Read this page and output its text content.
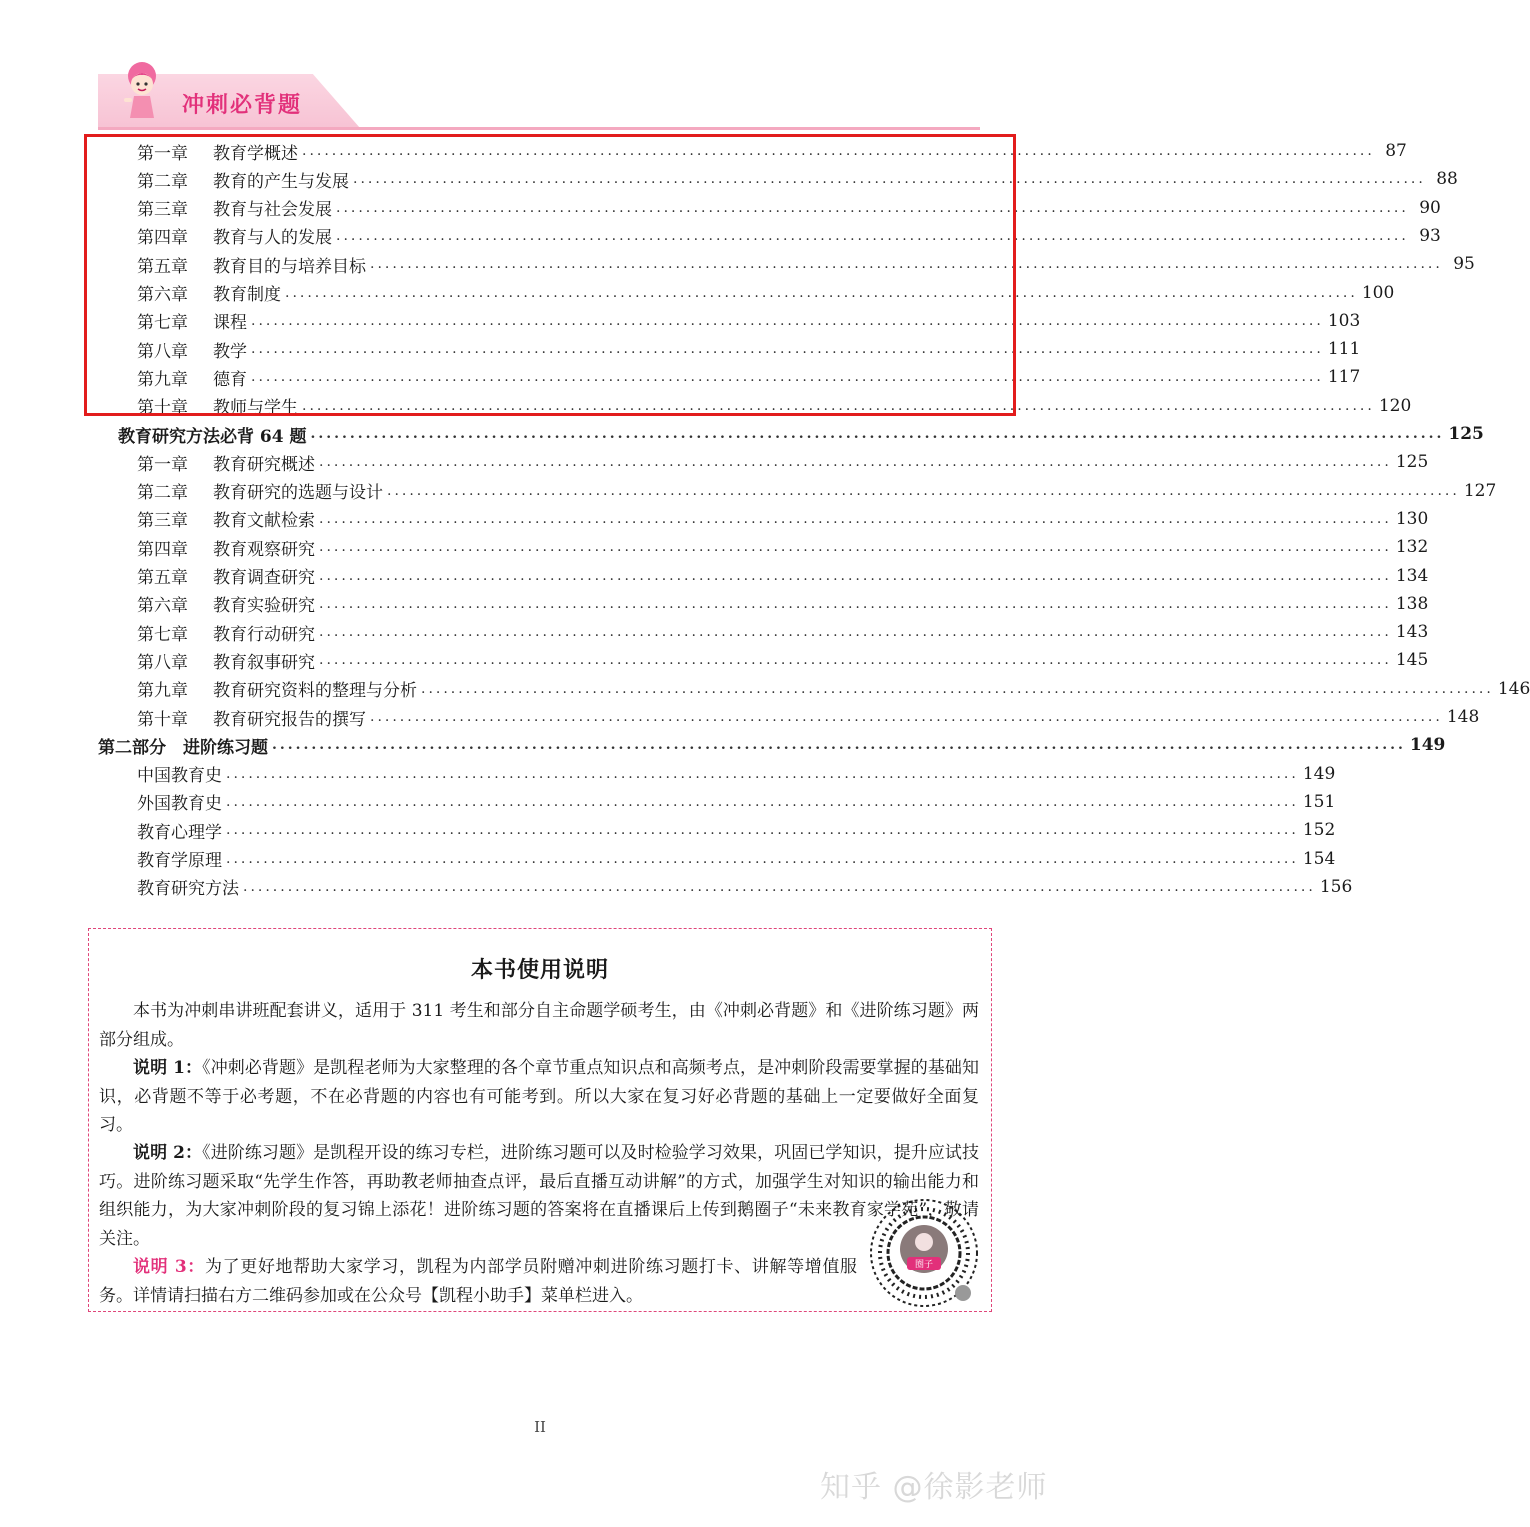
冲刺必背题
第一章	教育学概述 ................................................................................................................................................ 87
第二章	教育的产生与发展 ................................................................................................................................................ 88
第三章	教育与社会发展 ................................................................................................................................................ 90
第四章	教育与人的发展 ................................................................................................................................................ 93
第五章	教育目的与培养目标 ................................................................................................................................................ 95
第六章	教育制度 ................................................................................................................................................ 100
第七章	课程 ................................................................................................................................................ 103
第八章	教学 ................................................................................................................................................ 111
第九章	德育 ................................................................................................................................................ 117
第十章	教师与学生 ................................................................................................................................................ 120
教育研究方法必背 64 题 ................................................................................................................................................ 125
第一章	教育研究概述 ................................................................................................................................................ 125
第二章	教育研究的选题与设计 ................................................................................................................................................ 127
第三章	教育文献检索 ................................................................................................................................................ 130
第四章	教育观察研究 ................................................................................................................................................ 132
第五章	教育调查研究 ................................................................................................................................................ 134
第六章	教育实验研究 ................................................................................................................................................ 138
第七章	教育行动研究 ................................................................................................................................................ 143
第八章	教育叙事研究 ................................................................................................................................................ 145
第九章	教育研究资料的整理与分析 ................................................................................................................................................ 146
第十章	教育研究报告的撰写 ................................................................................................................................................ 148
第二部分　进阶练习题 ................................................................................................................................................ 149
中国教育史 ................................................................................................................................................ 149
外国教育史 ................................................................................................................................................ 151
教育心理学 ................................................................................................................................................ 152
教育学原理 ................................................................................................................................................ 154
教育研究方法 ................................................................................................................................................ 156
本书使用说明
本书为冲刺串讲班配套讲义，适用于 311 考生和部分自主命题学硕考生，由《冲刺必背题》和《进阶练习题》两部分组成。
说明 1：《冲刺必背题》是凯程老师为大家整理的各个章节重点知识点和高频考点，是冲刺阶段需要掌握的基础知识，必背题不等于必考题，不在必背题的内容也有可能考到。所以大家在复习好必背题的基础上一定要做好全面复习。
说明 2：《进阶练习题》是凯程开设的练习专栏，进阶练习题可以及时检验学习效果，巩固已学知识，提升应试技巧。进阶练习题采取“先学生作答，再助教老师抽查点评，最后直播互动讲解”的方式，加强学生对知识的输出能力和组织能力，为大家冲刺阶段的复习锦上添花！进阶练习题的答案将在直播课后上传到鹅圈子“未来教育家学苑”，敬请关注。
说明 3：为了更好地帮助大家学习，凯程为内部学员附赠冲刺进阶练习题打卡、讲解等增值服务。详情请扫描右方二维码参加或在公众号【凯程小助手】菜单栏进入。
圈子
II
知乎 @徐影老师
